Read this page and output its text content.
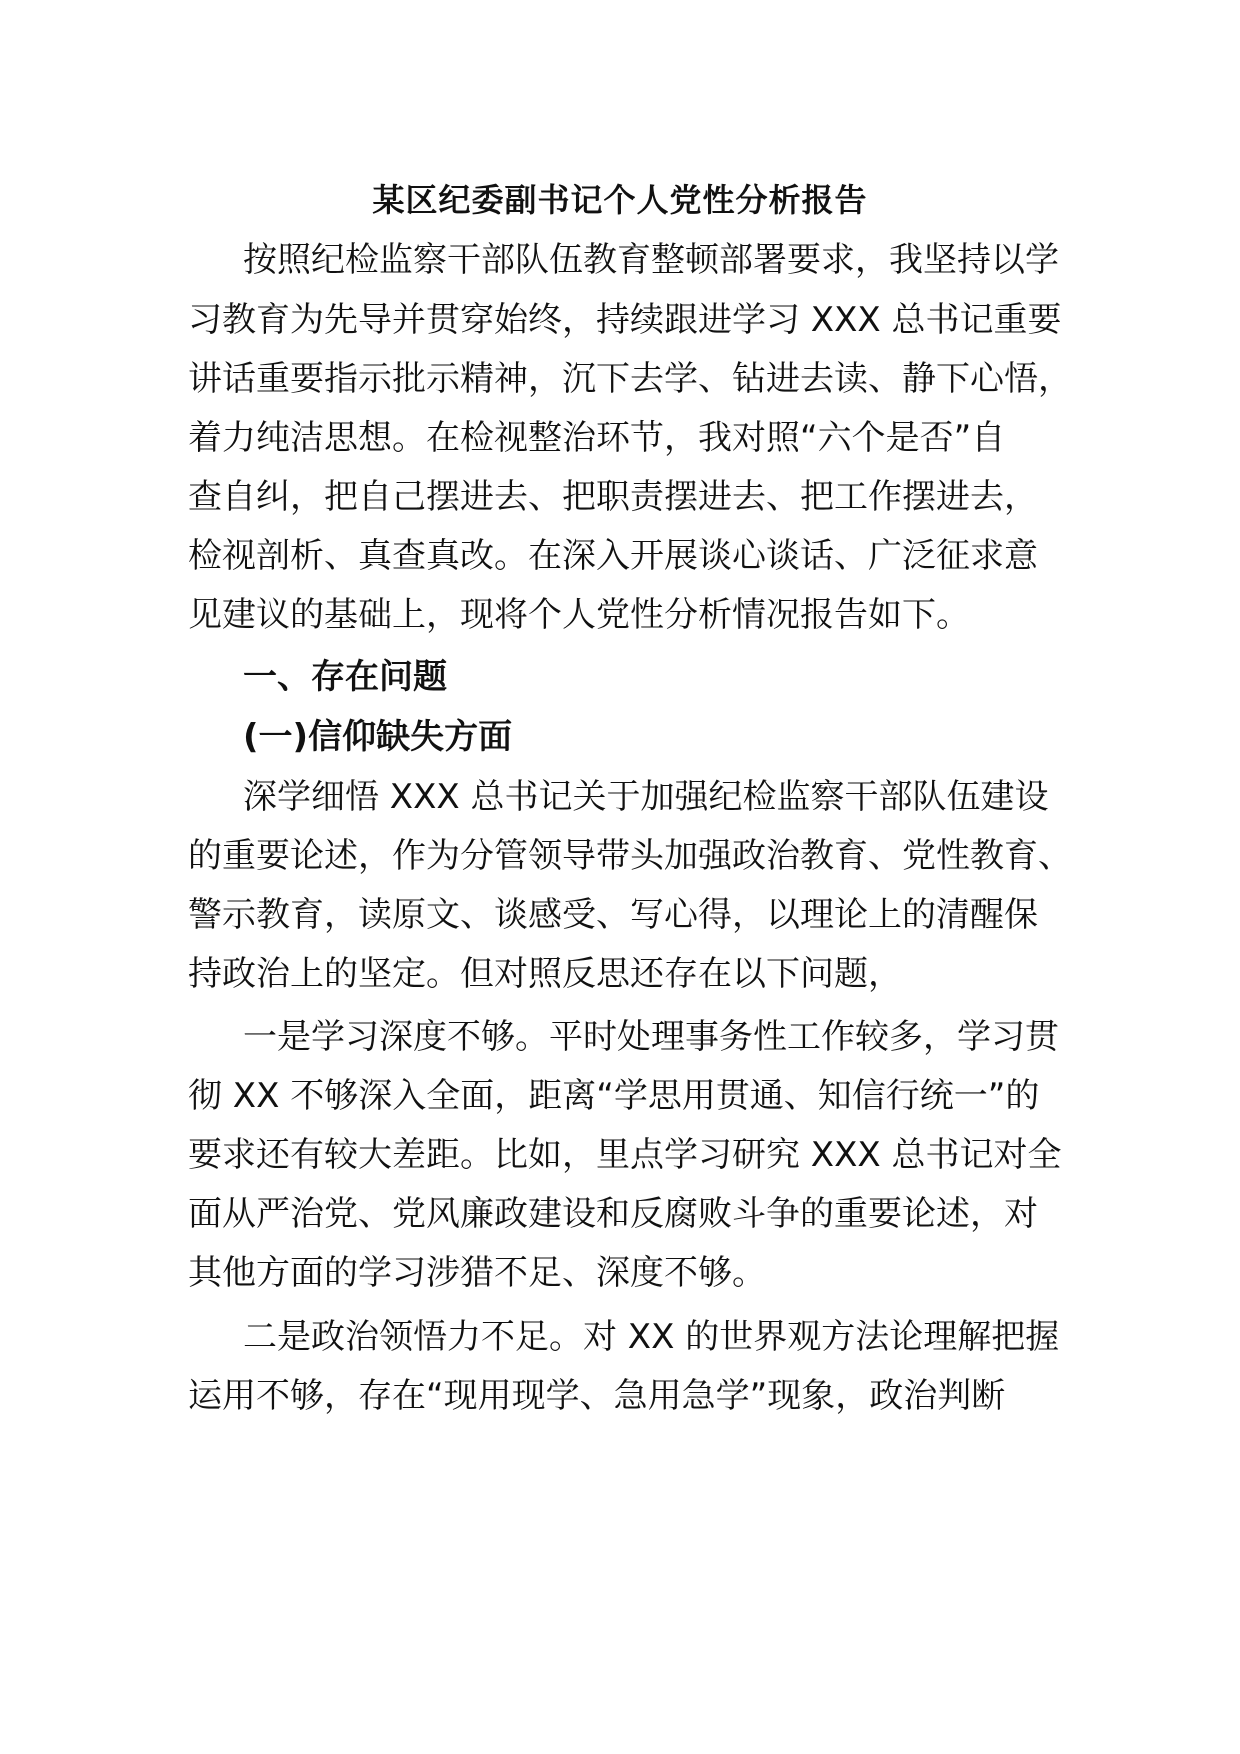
某区纪委副书记个人党性分析报告
按照纪检监察干部队伍教育整顿部署要求，我坚持以学
习教育为先导并贯穿始终，持续跟进学习 XXX 总书记重要
讲话重要指示批示精神，沉下去学、钻进去读、静下心悟，
着力纯洁思想。在检视整治环节，我对照“六个是否”自
查自纠，把自己摆进去、把职责摆进去、把工作摆进去，
检视剖析、真查真改。在深入开展谈心谈话、广泛征求意
见建议的基础上，现将个人党性分析情况报告如下。
一、存在问题
(一)信仰缺失方面
深学细悟 XXX 总书记关于加强纪检监察干部队伍建设
的重要论述，作为分管领导带头加强政治教育、党性教育、
警示教育，读原文、谈感受、写心得，以理论上的清醒保
持政治上的坚定。但对照反思还存在以下问题，
一是学习深度不够。平时处理事务性工作较多，学习贯
彻 XX 不够深入全面，距离“学思用贯通、知信行统一”的
要求还有较大差距。比如，里点学习研究 XXX 总书记对全
面从严治党、党风廉政建设和反腐败斗争的重要论述，对
其他方面的学习涉猎不足、深度不够。
二是政治领悟力不足。对 XX 的世界观方法论理解把握
运用不够，存在“现用现学、急用急学”现象，政治判断
